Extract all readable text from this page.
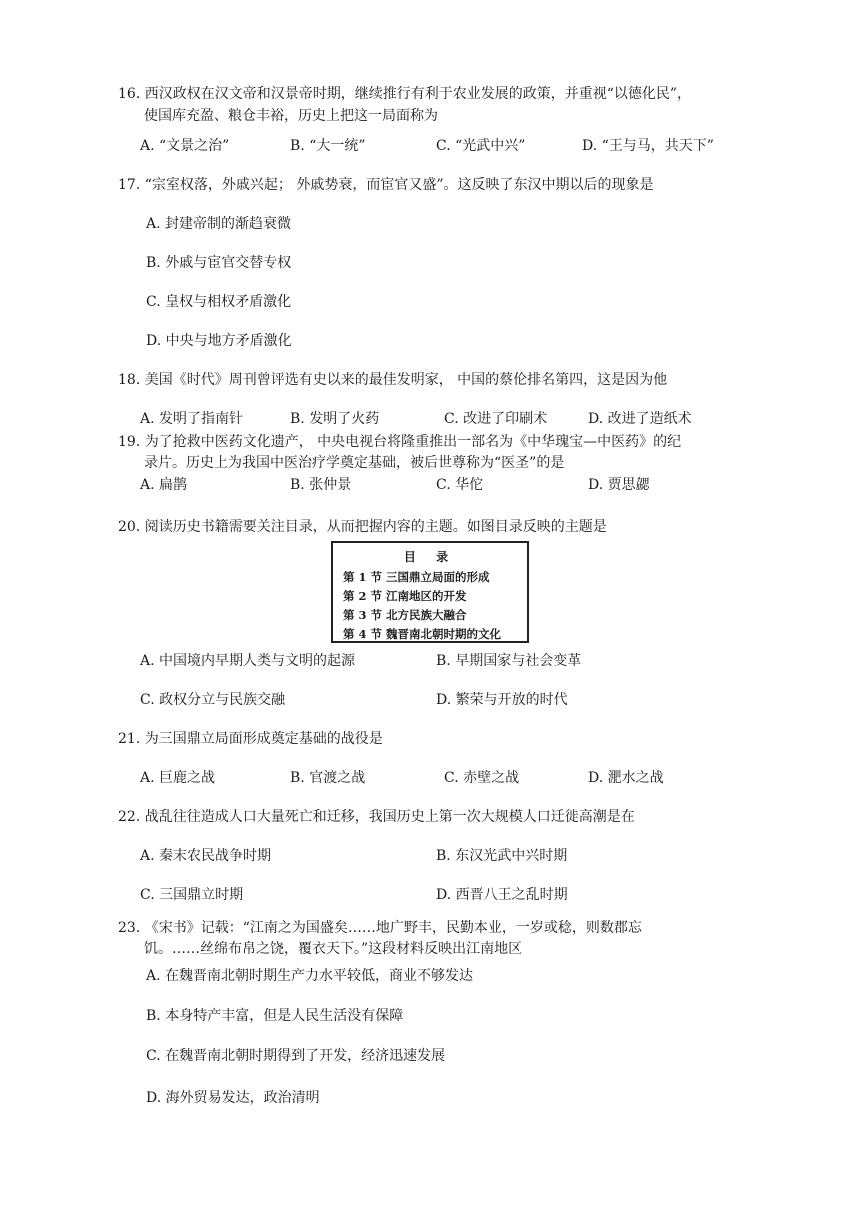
16. 西汉政权在汉文帝和汉景帝时期，继续推行有利于农业发展的政策，并重视“以德化民”，
使国库充盈、粮仓丰裕，历史上把这一局面称为
A. “文景之治”	B. “大一统”	C. “光武中兴”	D. “王与马，共天下”
17. “宗室权落，外戚兴起； 外戚势衰，而宦官又盛”。这反映了东汉中期以后的现象是
A. 封建帝制的渐趋衰微
B. 外戚与宦官交替专权
C. 皇权与相权矛盾激化
D. 中央与地方矛盾激化
18. 美国《时代》周刊曾评选有史以来的最佳发明家， 中国的蔡伦排名第四，这是因为他
A. 发明了指南针	B. 发明了火药	C. 改进了印刷术	D. 改进了造纸术
19. 为了抢救中医药文化遗产， 中央电视台将隆重推出一部名为《中华瑰宝—中医药》的纪
录片。历史上为我国中医治疗学奠定基础，被后世尊称为“医圣”的是
A. 扁鹊	B. 张仲景	C. 华佗	D. 贾思勰
20. 阅读历史书籍需要关注目录，从而把握内容的主题。如图目录反映的主题是
目 录
第 1 节 三国鼎立局面的形成
第 2 节 江南地区的开发
第 3 节 北方民族大融合
第 4 节 魏晋南北朝时期的文化
A. 中国境内早期人类与文明的起源	B. 早期国家与社会变革
C. 政权分立与民族交融	D. 繁荣与开放的时代
21. 为三国鼎立局面形成奠定基础的战役是
A. 巨鹿之战	B. 官渡之战	C. 赤壁之战	D. 淝水之战
22. 战乱往往造成人口大量死亡和迁移，我国历史上第一次大规模人口迁徙高潮是在
A. 秦末农民战争时期	B. 东汉光武中兴时期
C. 三国鼎立时期	D. 西晋八王之乱时期
23. 《宋书》记载：“江南之为国盛矣……地广野丰，民勤本业，一岁或稔，则数郡忘
饥。……丝绵布帛之饶，覆衣天下。”这段材料反映出江南地区
A. 在魏晋南北朝时期生产力水平较低，商业不够发达
B. 本身特产丰富，但是人民生活没有保障
C. 在魏晋南北朝时期得到了开发，经济迅速发展
D. 海外贸易发达，政治清明
